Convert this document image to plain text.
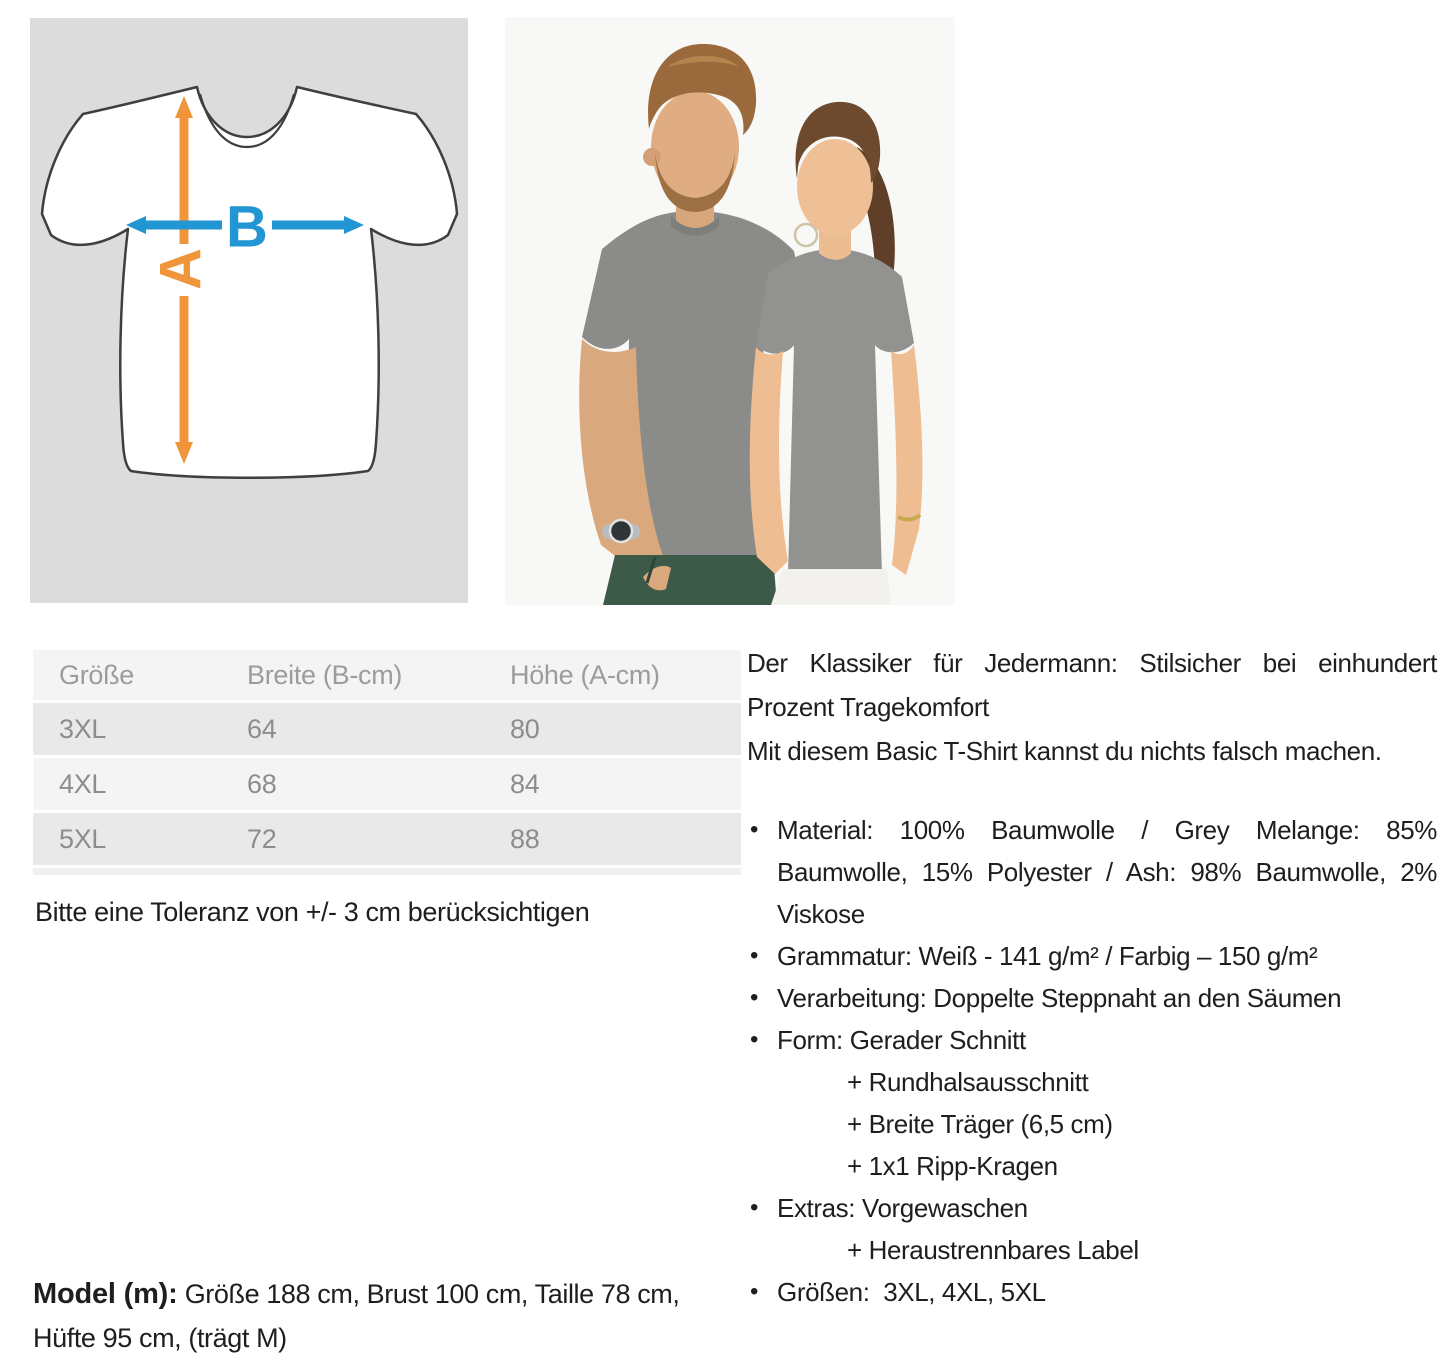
A
B
Größe	Breite (B-cm)	Höhe (A-cm)
3XL	64	80
4XL	68	84
5XL	72	88
Bitte eine Toleranz von +/- 3 cm berücksichtigen
Model (m): Größe 188 cm, Brust 100 cm, Taille 78 cm, Hüfte 95 cm, (trägt M)

Der Klassiker für Jedermann: Stilsicher bei einhundert Prozent Tragekomfort

Mit diesem Basic T-Shirt kannst du nichts falsch machen.

• Material: 100% Baumwolle / Grey Melange: 85% Baumwolle, 15% Polyester / Ash: 98% Baumwolle, 2% Viskose
• Grammatur: Weiß - 141 g/m² / Farbig – 150 g/m²
• Verarbeitung: Doppelte Steppnaht an den Säumen
• Form: Gerader Schnitt
+ Rundhalsausschnitt
+ Breite Träger (6,5 cm)
+ 1x1 Ripp-Kragen
• Extras: Vorgewaschen
+ Heraustrennbares Label
• Größen:  3XL, 4XL, 5XL
